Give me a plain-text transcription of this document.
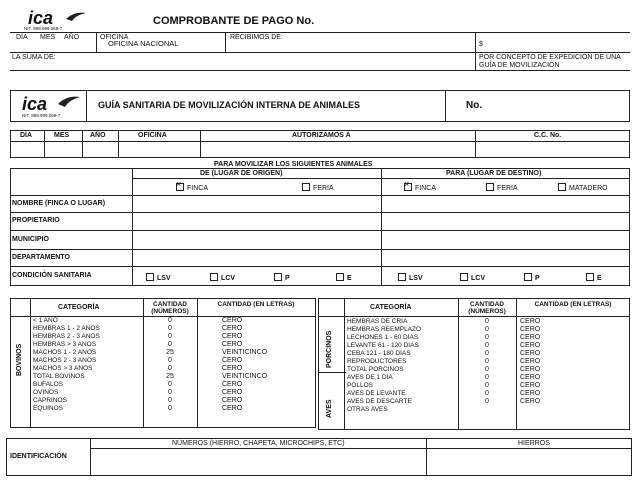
ica
NIT. 899.999.069-7
COMPROBANTE DE PAGO No.
DÍA MES AÑO	OFICINA
OFICINA NACIONAL
RECIBIMOS DE:
$
LA SUMA DE:	POR CONCEPTO DE EXPEDICIÓN DE UNA GUÍA DE MOVILIZACIÓN
ica
NIT. 899.999.069-7
GUÍA SANITARIA DE MOVILIZACIÓN INTERNA DE ANIMALES	No.
DÍA	MES	AÑO	OFICINA	AUTORIZAMOS A	C.C. No.
PARA MOVILIZAR LOS SIGUIENTES ANIMALES
DE (LUGAR DE ORIGEN)	PARA (LUGAR DE DESTINO)
×FINCA	FERIA
×	FINCA	FERIA	MATADERO
NOMBRE (FINCA O LUGAR)
PROPIETARIO
MUNICIPIO
DEPARTAMENTO
CONDICIÓN SANITARIA	LSV	LCV	P	E	LSV	LCV	P	E
CATEGORÍA	CANTIDAD (NÚMEROS)
CANTIDAD (EN LETRAS)
BOVINOS
< 1 AÑO
HEMBRAS 1 - 2 AÑOS
HEMBRAS 2 - 3 AÑOS
HEMBRAS > 3 AÑOS
MACHOS 1 - 2 AÑOS
MACHOS 2 - 3 AÑOS
MACHOS > 3 AÑOS
TOTAL BOVINOS
BÚFALOS
OVINOS
CAPRINOS
EQUINOS
0
0
0
0
25
0
0
25
0
0
0
0
CERO
CERO
CERO
CERO
VEINTICINCO
CERO
CERO
VEINTICINCO
CERO
CERO
CERO
CERO
CATEGORÍA	CANTIDAD (NÚMEROS)
CANTIDAD (EN LETRAS)
PORCINOS
AVES
HEMBRAS DE CRÍA
HEMBRAS REEMPLAZO
LECHONES 1 - 60 DÍAS
LEVANTE 61 - 120 DÍAS
CEBA 121 - 180 DÍAS
REPRODUCTORES
TOTAL PORCINOS
AVES DE 1 DÍA
POLLOS
AVES DE LEVANTE
AVES DE DESCARTE
OTRAS AVES
0
0
0
0
0
0
0
0
0
0
0
CERO
CERO
CERO
CERO
CERO
CERO
CERO
CERO
CERO
CERO
CERO
IDENTIFICACIÓN
NÚMEROS (HIERRO, CHAPETA, MICROCHIPS, ETC)	HIERROS
